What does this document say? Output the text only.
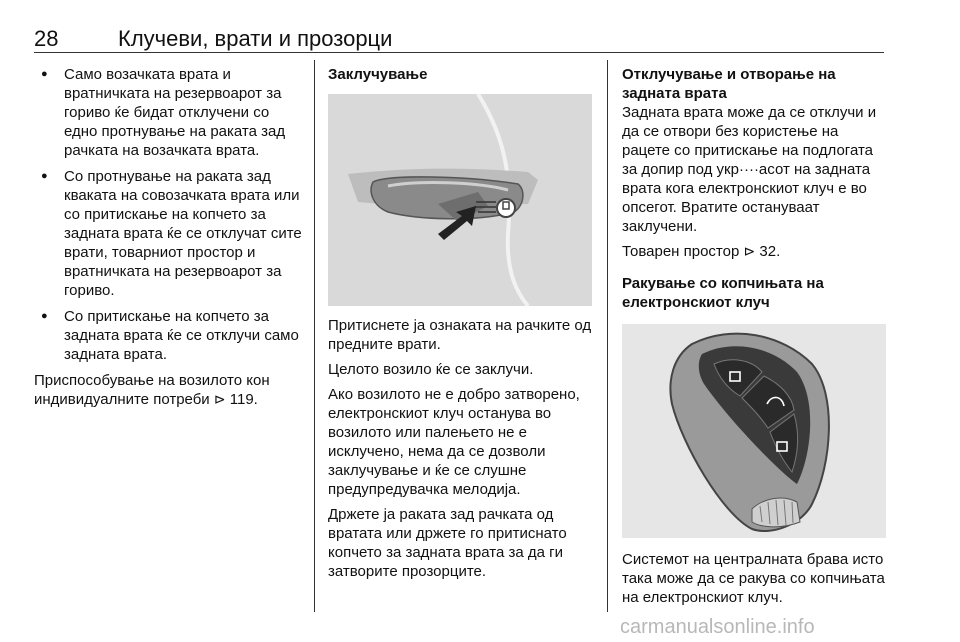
28	Клучеви, врати и прозорци
● Само возачката врата и вратничката на резервоарот за гориво ќе бидат отклучени со едно протнување на раката зад рачката на возачката врата.
● Со протнување на раката зад кваката на совозачката врата или со притискање на копчето за задната врата ќе се отклучат сите врати, товарниот простор и вратничката на резервоарот за гориво.
● Со притискање на копчето за задната врата ќе се отклучи само задната врата.

Приспособување на возилото кон индивидуалните потреби ⊳ 119.

Заклучување

Притиснете ја ознаката на рачките од предните врати.

Целото возило ќе се заклучи.

Ако возилото не е добро затворено, електронскиот клуч останува во возилото или палењето не е исклучено, нема да се дозволи заклучување и ќе се слушне предупредувачка мелодија.

Држете ја раката зад рачката од вратата или држете го притиснато копчето за задната врата за да ги затворите прозорците.

Отклучување и отворање на задната врата

Задната врата може да се отклучи и да се отвори без користење на рацете со притискање на подлогата за допир под укр····асот на задната врата кога електронскиот клуч е во опсегот. Вратите остануваат заклучени.

Товарен простор ⊳ 32.

Ракување со копчињата на електронскиот клуч

Системот на централната брава исто така може да се ракува со копчињата на електронскиот клуч.

carmanualsonline.info
